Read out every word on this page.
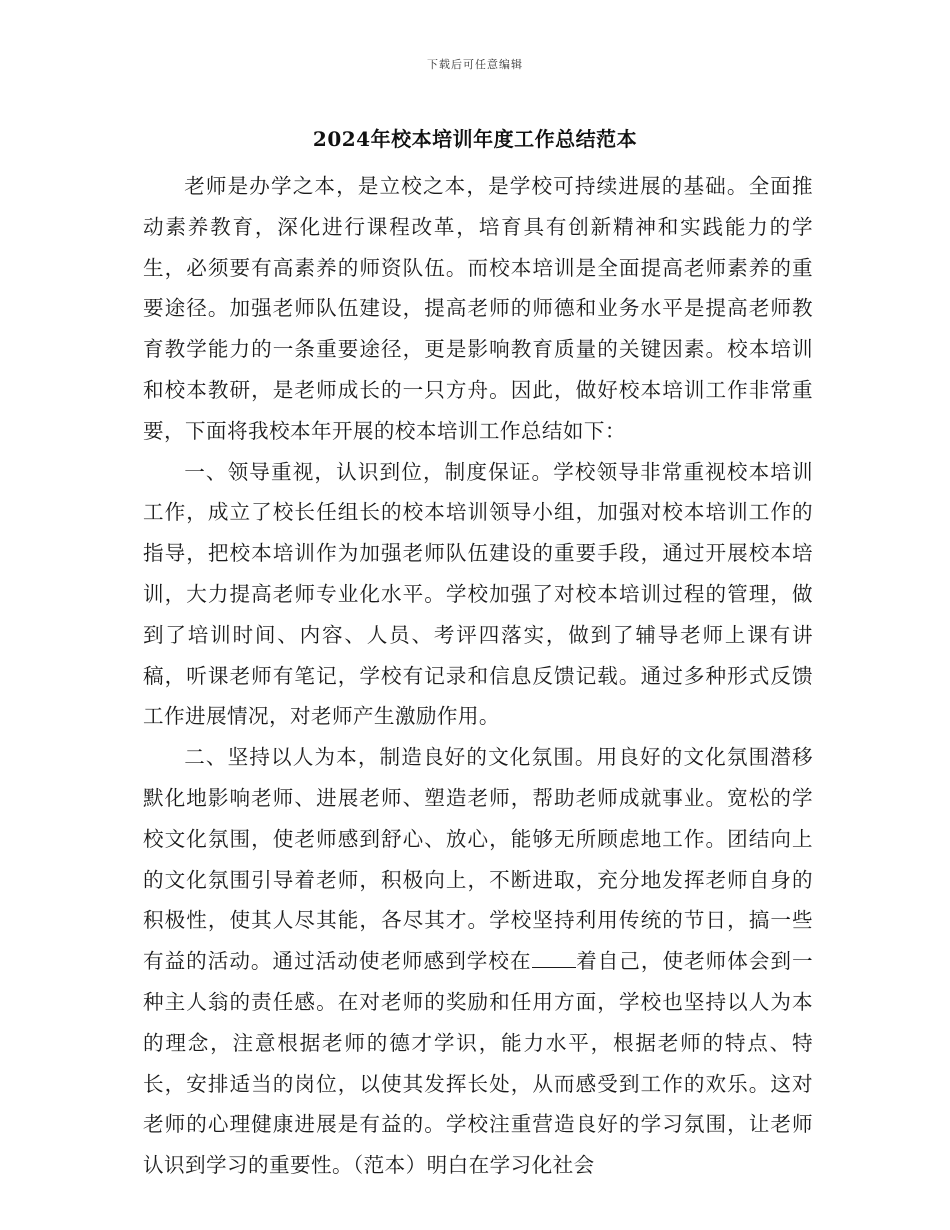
下载后可任意编辑
2024年校本培训年度工作总结范本

老师是办学之本，是立校之本，是学校可持续进展的基础。全面推动素养教育，深化进行课程改革，培育具有创新精神和实践能力的学生，必须要有高素养的师资队伍。而校本培训是全面提高老师素养的重要途径。加强老师队伍建设，提高老师的师德和业务水平是提高老师教育教学能力的一条重要途径，更是影响教育质量的关键因素。校本培训和校本教研，是老师成长的一只方舟。因此，做好校本培训工作非常重要，下面将我校本年开展的校本培训工作总结如下：

一、领导重视，认识到位，制度保证。学校领导非常重视校本培训工作，成立了校长任组长的校本培训领导小组，加强对校本培训工作的指导，把校本培训作为加强老师队伍建设的重要手段，通过开展校本培训，大力提高老师专业化水平。学校加强了对校本培训过程的管理，做到了培训时间、内容、人员、考评四落实，做到了辅导老师上课有讲稿，听课老师有笔记，学校有记录和信息反馈记载。通过多种形式反馈工作进展情况，对老师产生激励作用。

二、坚持以人为本，制造良好的文化氛围。用良好的文化氛围潜移默化地影响老师、进展老师、塑造老师，帮助老师成就事业。宽松的学校文化氛围，使老师感到舒心、放心，能够无所顾虑地工作。团结向上的文化氛围引导着老师，积极向上，不断进取，充分地发挥老师自身的积极性，使其人尽其能，各尽其才。学校坚持利用传统的节日，搞一些有益的活动。通过活动使老师感到学校在 着自己，使老师体会到一种主人翁的责任感。在对老师的奖励和任用方面，学校也坚持以人为本的理念，注意根据老师的德才学识，能力水平，根据老师的特点、特长，安排适当的岗位，以使其发挥长处，从而感受到工作的欢乐。这对老师的心理健康进展是有益的。学校注重营造良好的学习氛围，让老师认识到学习的重要性。（范本）明白在学习化社会
